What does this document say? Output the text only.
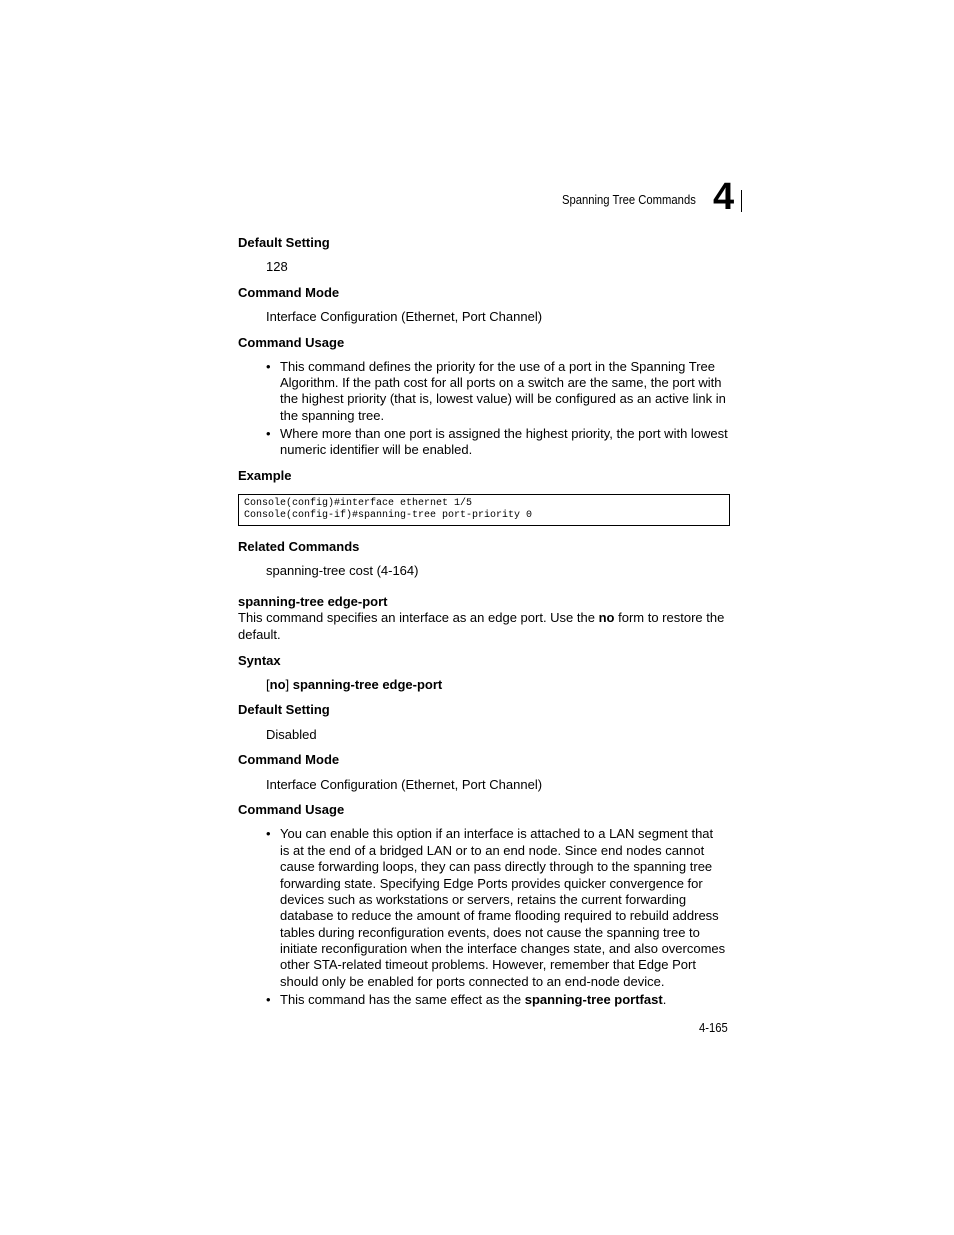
Spanning Tree Commands 4
Default Setting
128
Command Mode
Interface Configuration (Ethernet, Port Channel)
Command Usage
• This command defines the priority for the use of a port in the Spanning Tree
Algorithm. If the path cost for all ports on a switch are the same, the port with
the highest priority (that is, lowest value) will be configured as an active link in
the spanning tree.
• Where more than one port is assigned the highest priority, the port with lowest
numeric identifier will be enabled.
Example
Console(config)#interface ethernet 1/5
Console(config-if)#spanning-tree port-priority 0
Related Commands
spanning-tree cost (4-164)
spanning-tree edge-port
This command specifies an interface as an edge port. Use the no form to restore the
default.
Syntax
[no] spanning-tree edge-port
Default Setting
Disabled
Command Mode
Interface Configuration (Ethernet, Port Channel)
Command Usage
• You can enable this option if an interface is attached to a LAN segment that
is at the end of a bridged LAN or to an end node. Since end nodes cannot
cause forwarding loops, they can pass directly through to the spanning tree
forwarding state. Specifying Edge Ports provides quicker convergence for
devices such as workstations or servers, retains the current forwarding
database to reduce the amount of frame flooding required to rebuild address
tables during reconfiguration events, does not cause the spanning tree to
initiate reconfiguration when the interface changes state, and also overcomes
other STA-related timeout problems. However, remember that Edge Port
should only be enabled for ports connected to an end-node device.
• This command has the same effect as the spanning-tree portfast.
4-165
